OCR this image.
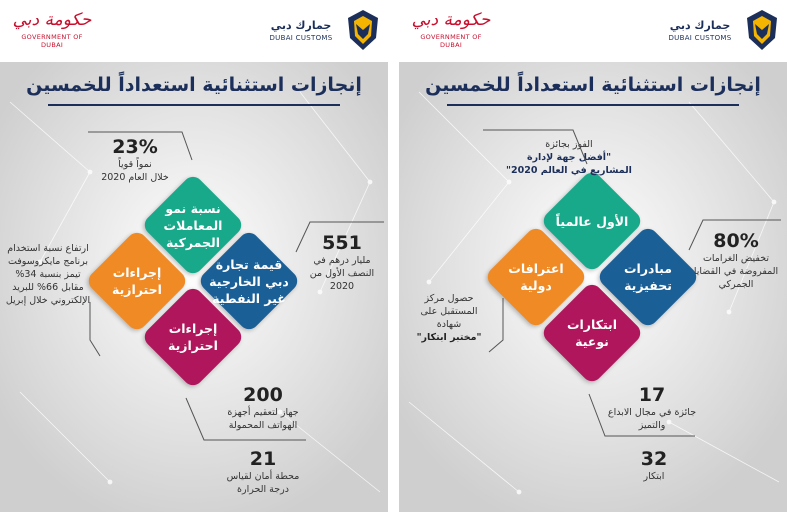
حكومة دبي
GOVERNMENT OF DUBAI
جمارك دبي
DUBAI CUSTOMS
إنجازات استثنائية استعداداً للخمسين
نسبة نمو المعاملات الجمركية
قيمة تجارة دبي الخارجية غير النفطية
إجراءات احترازية
إجراءات احترازية
23%
نمواً قوياً
خلال العام 2020
551
مليار درهم في النصف الأول من 2020
ارتفاع نسبة استخدام برنامج مايكروسوفت تيمز بنسبة 34%
مقابل 66% للبريد الإلكتروني خلال إبريل
200
جهاز لتعقيم أجهزة الهواتف المحمولة
21
محطة أمان لقياس درجة الحرارة
حكومة دبي
GOVERNMENT OF DUBAI
جمارك دبي
DUBAI CUSTOMS
إنجازات استثنائية استعداداً للخمسين
الأول عالمياً
مبادرات تحفيزية
اعترافات دولية
ابتكارات نوعية
الفوز بجائزة
"أفضل جهة لإدارة المشاريع في العالم 2020"
80%
تخفيض الغرامات المفروضة في القضايا الجمركي
حصول مركز المستقبل على شهادة
"مختبر ابتكار"
17
جائزة في مجال الابداع والتميز
32
ابتكار
